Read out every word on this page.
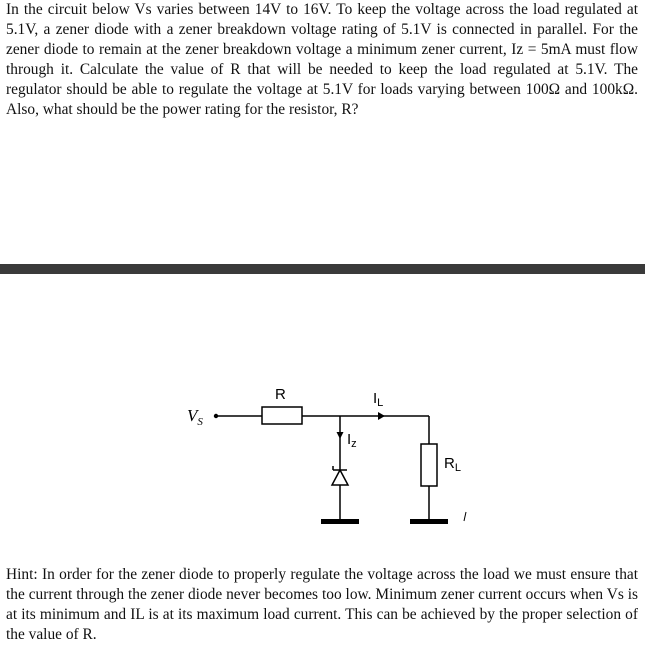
In the circuit below Vs varies between 14V to 16V. To keep the voltage across the load regulated at 5.1V, a zener diode with a zener breakdown voltage rating of 5.1V is connected in parallel. For the zener diode to remain at the zener breakdown voltage a minimum zener current, Iz = 5mA must flow through it. Calculate the value of R that will be needed to keep the load regulated at 5.1V. The regulator should be able to regulate the voltage at 5.1V for loads varying between 100Ω and 100kΩ. Also, what should be the power rating for the resistor, R?
$V_S$
R	$I_L$
$I_z$
$R_L$
Hint: In order for the zener diode to properly regulate the voltage across the load we must ensure that the current through the zener diode never becomes too low. Minimum zener current occurs when Vs is at its minimum and IL is at its maximum load current. This can be achieved by the proper selection of the value of R.
